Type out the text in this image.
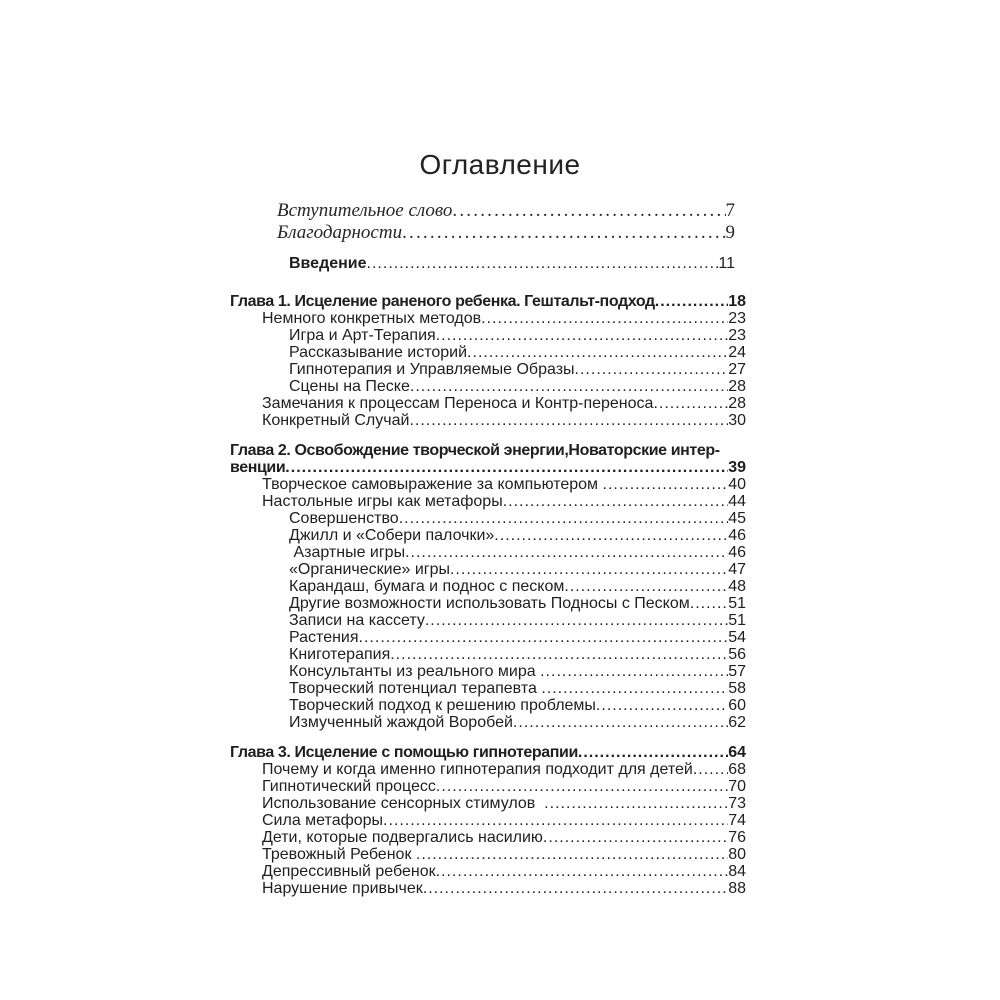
Оглавление
Вступительное слово .....	7
Благодарности .....	9
Введение .....	11
Глава 1. Исцеление раненого ребенка. Гештальт-подход .....	18
Немного конкретных методов .....	23
Игра и Арт-Терапия .....	23
Рассказывание историй .....	24
Гипнотерапия и Управляемые Образы .....	27
Сцены на Песке .....	28
Замечания к процессам Переноса и Контр-переноса .....	28
Конкретный Случай .....	30
Глава 2. Освобождение творческой энергии,Новаторские интер-
венции .....	39
Творческое самовыражение за компьютером .....	40
Настольные игры как метафоры .....	44
Совершенство .....	45
Джилл и «Собери палочки» .....	46
Азартные игры .....	46
«Органические» игры .....	47
Карандаш, бумага и поднос с песком .....	48
Другие возможности использовать Подносы с Песком ..... 51
Записи на кассету .....	51
Растения .....	54
Книготерапия .....	56
Консультанты из реального мира .....	57
Творческий потенциал терапевта .....	58
Творческий подход к решению проблемы .....	60
Измученный жаждой Воробей .....	62
Глава 3. Исцеление с помощью гипнотерапии .....	64
Почему и когда именно гипнотерапия подходит для детей ..... 68
Гипнотический процесс .....	70
Использование сенсорных стимулов .....	73
Сила метафоры .....	74
Дети, которые подвергались насилию .....	76
Тревожный Ребенок .....	80
Депрессивный ребенок .....	84
Нарушение привычек .....	88
